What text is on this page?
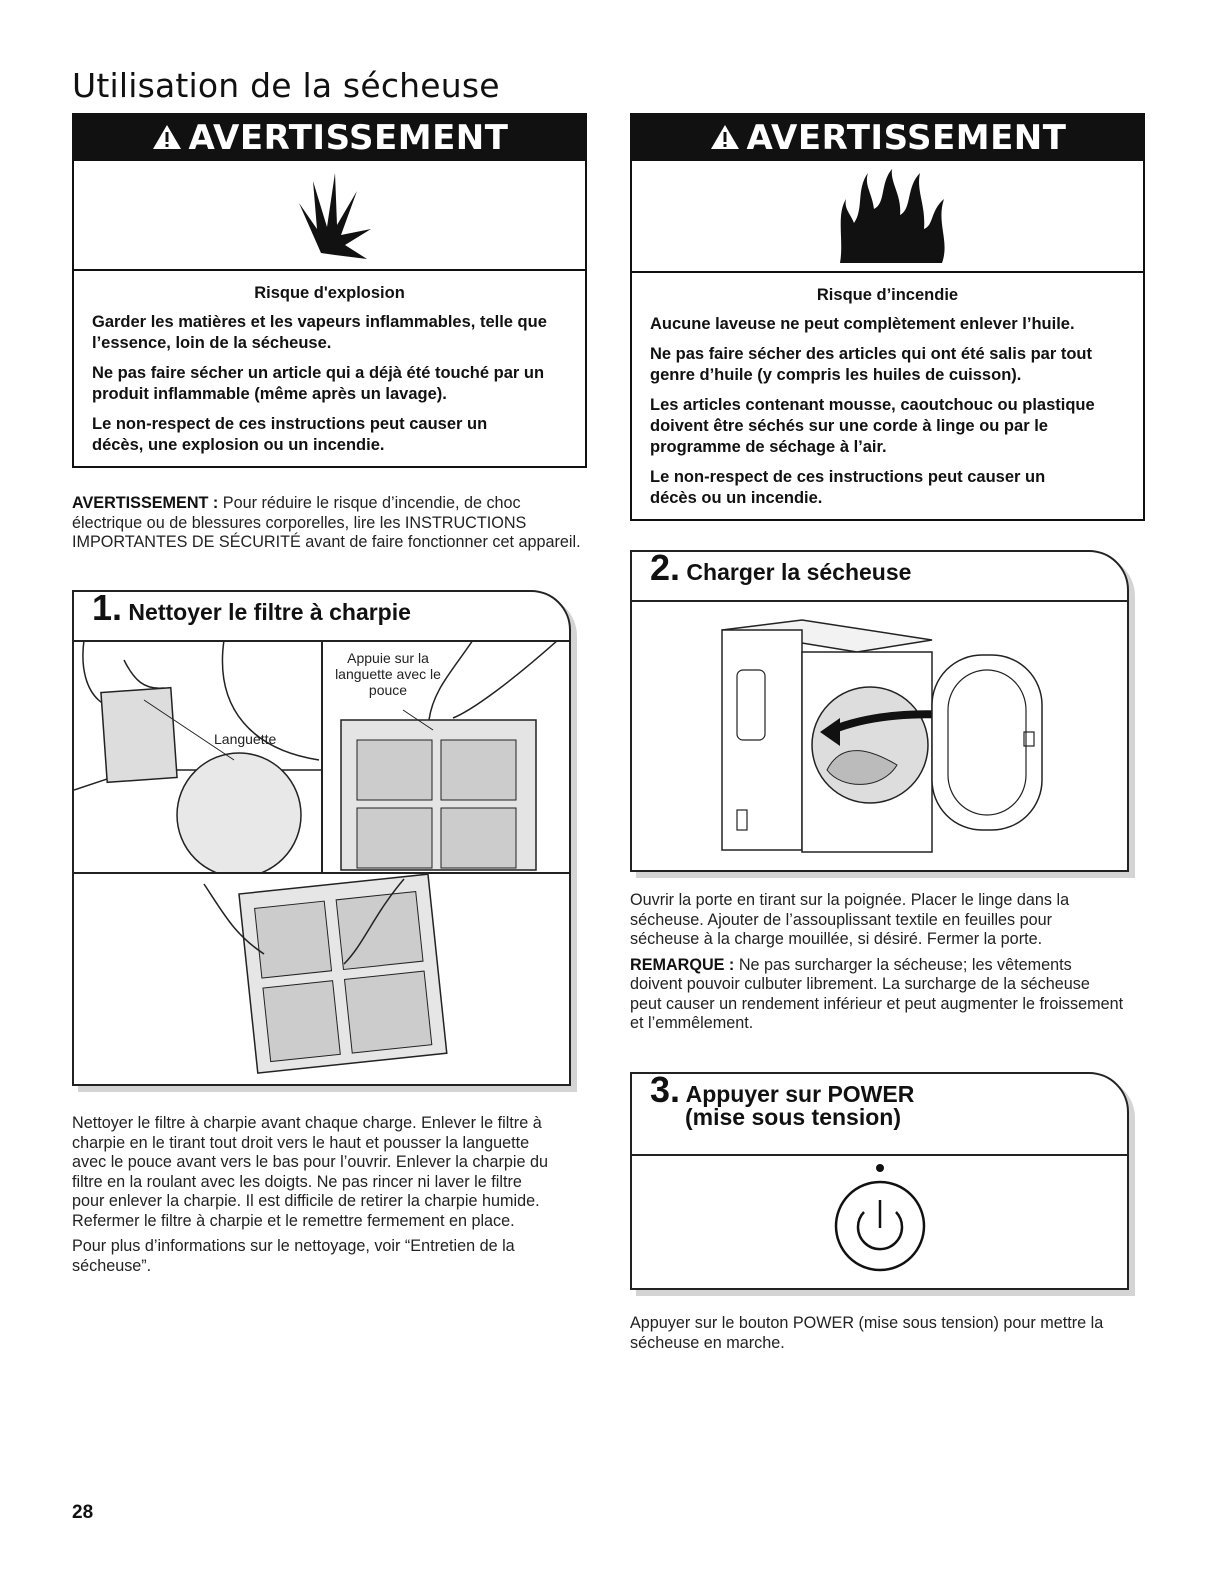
Utilisation de la sécheuse
AVERTISSEMENT
Risque d'explosion

Garder les matières et les vapeurs inflammables, telle que l’essence, loin de la sécheuse.

Ne pas faire sécher un article qui a déjà été touché par un produit inflammable (même après un lavage).

Le non-respect de ces instructions peut causer un décès, une explosion ou un incendie.

AVERTISSEMENT
Risque d’incendie

Aucune laveuse ne peut complètement enlever l’huile.

Ne pas faire sécher des articles qui ont été salis par tout genre d’huile (y compris les huiles de cuisson).

Les articles contenant mousse, caoutchouc ou plastique doivent être séchés sur une corde à linge ou par le programme de séchage à l’air.

Le non-respect de ces instructions peut causer un décès ou un incendie.

AVERTISSEMENT : Pour réduire le risque d’incendie, de choc électrique ou de blessures corporelles, lire les INSTRUCTIONS IMPORTANTES DE SÉCURITÉ avant de faire fonctionner cet appareil.

1. Nettoyer le filtre à charpie
Languette
Appuie sur la languette avec le pouce

Nettoyer le filtre à charpie avant chaque charge. Enlever le filtre à charpie en le tirant tout droit vers le haut et pousser la languette avec le pouce avant vers le bas pour l’ouvrir. Enlever la charpie du filtre en la roulant avec les doigts. Ne pas rincer ni laver le filtre pour enlever la charpie. Il est difficile de retirer la charpie humide. Refermer le filtre à charpie et le remettre fermement en place.

Pour plus d’informations sur le nettoyage, voir “Entretien de la sécheuse”.

2. Charger la sécheuse

Ouvrir la porte en tirant sur la poignée. Placer le linge dans la sécheuse. Ajouter de l’assouplissant textile en feuilles pour sécheuse à la charge mouillée, si désiré. Fermer la porte.

REMARQUE : Ne pas surcharger la sécheuse; les vêtements doivent pouvoir culbuter librement. La surcharge de la sécheuse peut causer un rendement inférieur et peut augmenter le froissement et l’emmêlement.

3. Appuyer sur POWER
(mise sous tension)

Appuyer sur le bouton POWER (mise sous tension) pour mettre la sécheuse en marche.

28
